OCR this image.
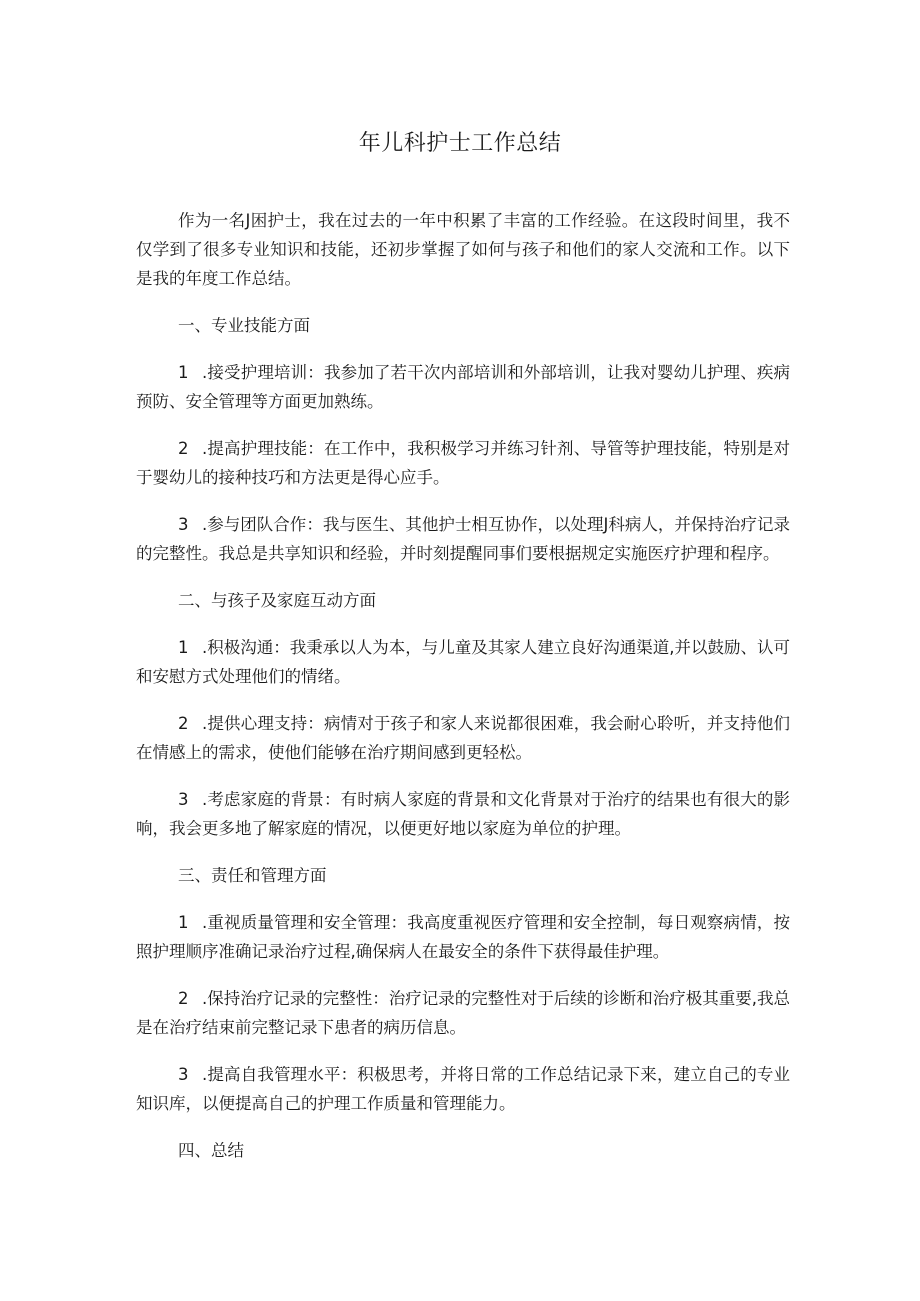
年儿科护士工作总结

作为一名J困护士，我在过去的一年中积累了丰富的工作经验。在这段时间里，我不仅学到了很多专业知识和技能，还初步掌握了如何与孩子和他们的家人交流和工作。以下是我的年度工作总结。

一、专业技能方面

1 .接受护理培训：我参加了若干次内部培训和外部培训，让我对婴幼儿护理、疾病预防、安全管理等方面更加熟练。

2 .提高护理技能：在工作中，我积极学习并练习针剂、导管等护理技能，特别是对于婴幼儿的接种技巧和方法更是得心应手。

3 .参与团队合作：我与医生、其他护士相互协作，以处理J科病人，并保持治疗记录的完整性。我总是共享知识和经验，并时刻提醒同事们要根据规定实施医疗护理和程序。

二、与孩子及家庭互动方面

1 .积极沟通：我秉承以人为本，与儿童及其家人建立良好沟通渠道,并以鼓励、认可和安慰方式处理他们的情绪。

2 .提供心理支持：病情对于孩子和家人来说都很困难，我会耐心聆听，并支持他们在情感上的需求，使他们能够在治疗期间感到更轻松。

3 .考虑家庭的背景：有时病人家庭的背景和文化背景对于治疗的结果也有很大的影响，我会更多地了解家庭的情况，以便更好地以家庭为单位的护理。

三、责任和管理方面

1 .重视质量管理和安全管理：我高度重视医疗管理和安全控制，每日观察病情，按照护理顺序准确记录治疗过程,确保病人在最安全的条件下获得最佳护理。

2 .保持治疗记录的完整性：治疗记录的完整性对于后续的诊断和治疗极其重要,我总是在治疗结束前完整记录下患者的病历信息。

3 .提高自我管理水平：积极思考，并将日常的工作总结记录下来，建立自己的专业知识库，以便提高自己的护理工作质量和管理能力。

四、总结
